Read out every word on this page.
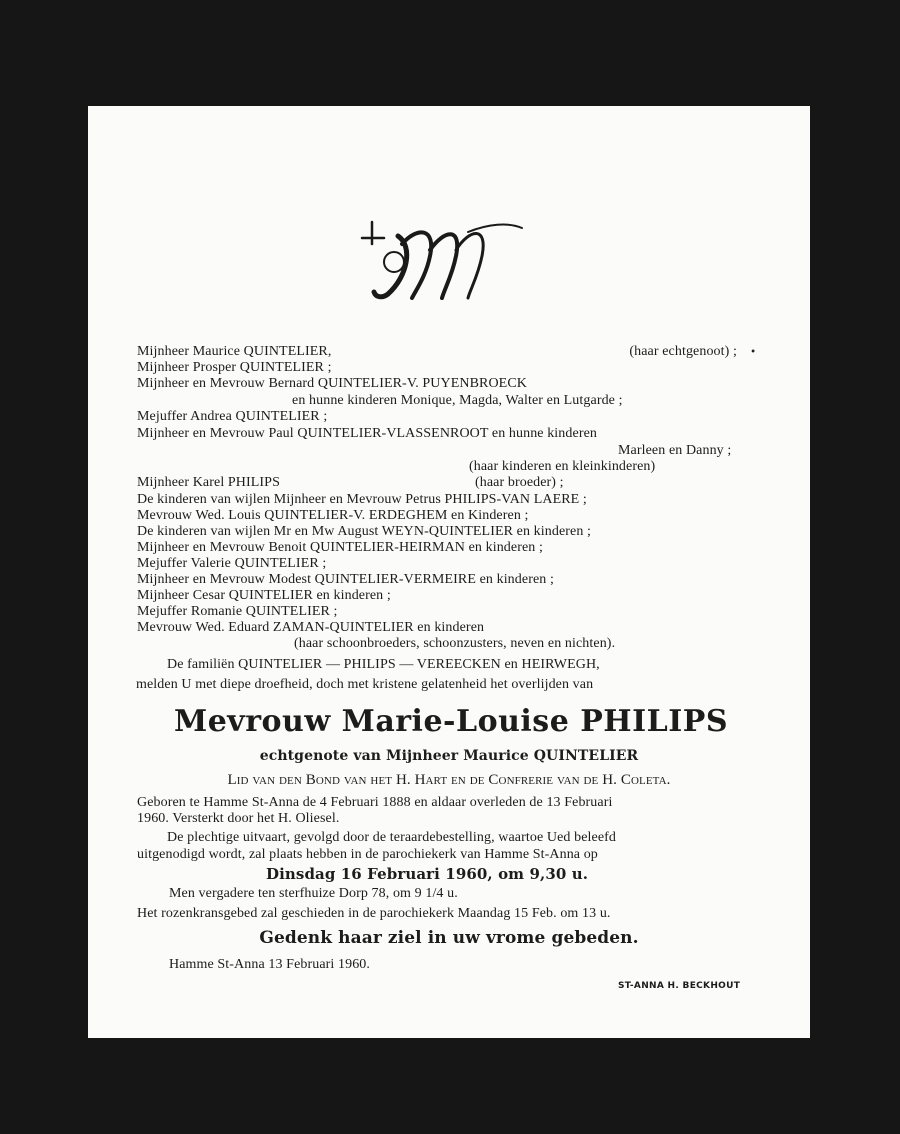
M
Mijnheer Maurice QUINTELIER,	(haar echtgenoot) ; •
Mijnheer Prosper QUINTELIER ;
Mijnheer en Mevrouw Bernard QUINTELIER-V. PUYENBROECK
en hunne kinderen Monique, Magda, Walter en Lutgarde ;
Mejuffer Andrea QUINTELIER ;
Mijnheer en Mevrouw Paul QUINTELIER-VLASSENROOT en hunne kinderen
Marleen en Danny ;
(haar kinderen en kleinkinderen)
Mijnheer Karel PHILIPS	(haar broeder) ;
De kinderen van wijlen Mijnheer en Mevrouw Petrus PHILIPS-VAN LAERE ;
Mevrouw Wed. Louis QUINTELIER-V. ERDEGHEM en Kinderen ;
De kinderen van wijlen Mr en Mw August WEYN-QUINTELIER en kinderen ;
Mijnheer en Mevrouw Benoit QUINTELIER-HEIRMAN en kinderen ;
Mejuffer Valerie QUINTELIER ;
Mijnheer en Mevrouw Modest QUINTELIER-VERMEIRE en kinderen ;
Mijnheer Cesar QUINTELIER en kinderen ;
Mejuffer Romanie QUINTELIER ;
Mevrouw Wed. Eduard ZAMAN-QUINTELIER en kinderen
(haar schoonbroeders, schoonzusters, neven en nichten).
De familiën QUINTELIER — PHILIPS — VEREECKEN en HEIRWEGH,
melden U met diepe droefheid, doch met kristene gelatenheid het overlijden van
Mevrouw Marie-Louise PHILIPS
echtgenote van Mijnheer Maurice QUINTELIER
Lid van den Bond van het H. Hart en de Confrerie van de H. Coleta.
Geboren te Hamme St-Anna de 4 Februari 1888 en aldaar overleden de 13 Februari
1960. Versterkt door het H. Oliesel.
De plechtige uitvaart, gevolgd door de teraardebestelling, waartoe Ued beleefd
uitgenodigd wordt, zal plaats hebben in de parochiekerk van Hamme St-Anna op
Dinsdag 16 Februari 1960, om 9,30 u.
Men vergadere ten sterfhuize Dorp 78, om 9 1/4 u.
Het rozenkransgebed zal geschieden in de parochiekerk Maandag 15 Feb. om 13 u.
Gedenk haar ziel in uw vrome gebeden.
Hamme St-Anna 13 Februari 1960.
ST-ANNA H. BECKHOUT
